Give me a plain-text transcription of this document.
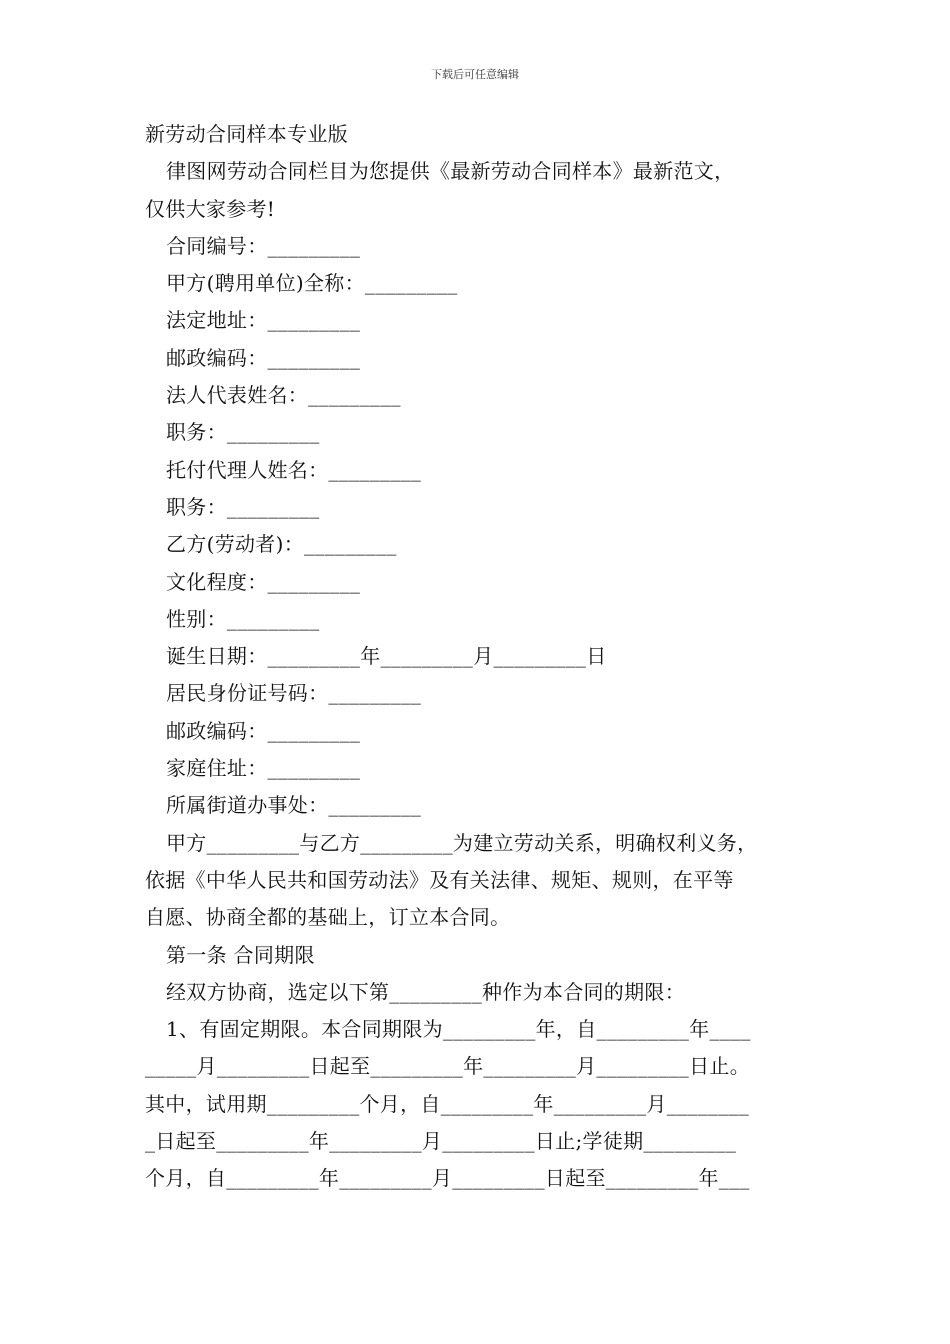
下载后可任意编辑
新劳动合同样本专业版
律图网劳动合同栏目为您提供《最新劳动合同样本》最新范文，
仅供大家参考!
合同编号：_________
甲方(聘用单位)全称：_________
法定地址：_________
邮政编码：_________
法人代表姓名：_________
职务：_________
托付代理人姓名：_________
职务：_________
乙方(劳动者)：_________
文化程度：_________
性别：_________
诞生日期：_________年_________月_________日
居民身份证号码：_________
邮政编码：_________
家庭住址：_________
所属街道办事处：_________
甲方_________与乙方_________为建立劳动关系，明确权利义务，
依据《中华人民共和国劳动法》及有关法律、规矩、规则，在平等
自愿、协商全都的基础上，订立本合同。
第一条 合同期限
经双方协商，选定以下第_________种作为本合同的期限：
1、有固定期限。本合同期限为_________年，自_________年____
_____月_________日起至_________年_________月_________日止。
其中，试用期_________个月，自_________年_________月________
_日起至_________年_________月_________日止;学徒期_________
个月，自_________年_________月_________日起至_________年___
